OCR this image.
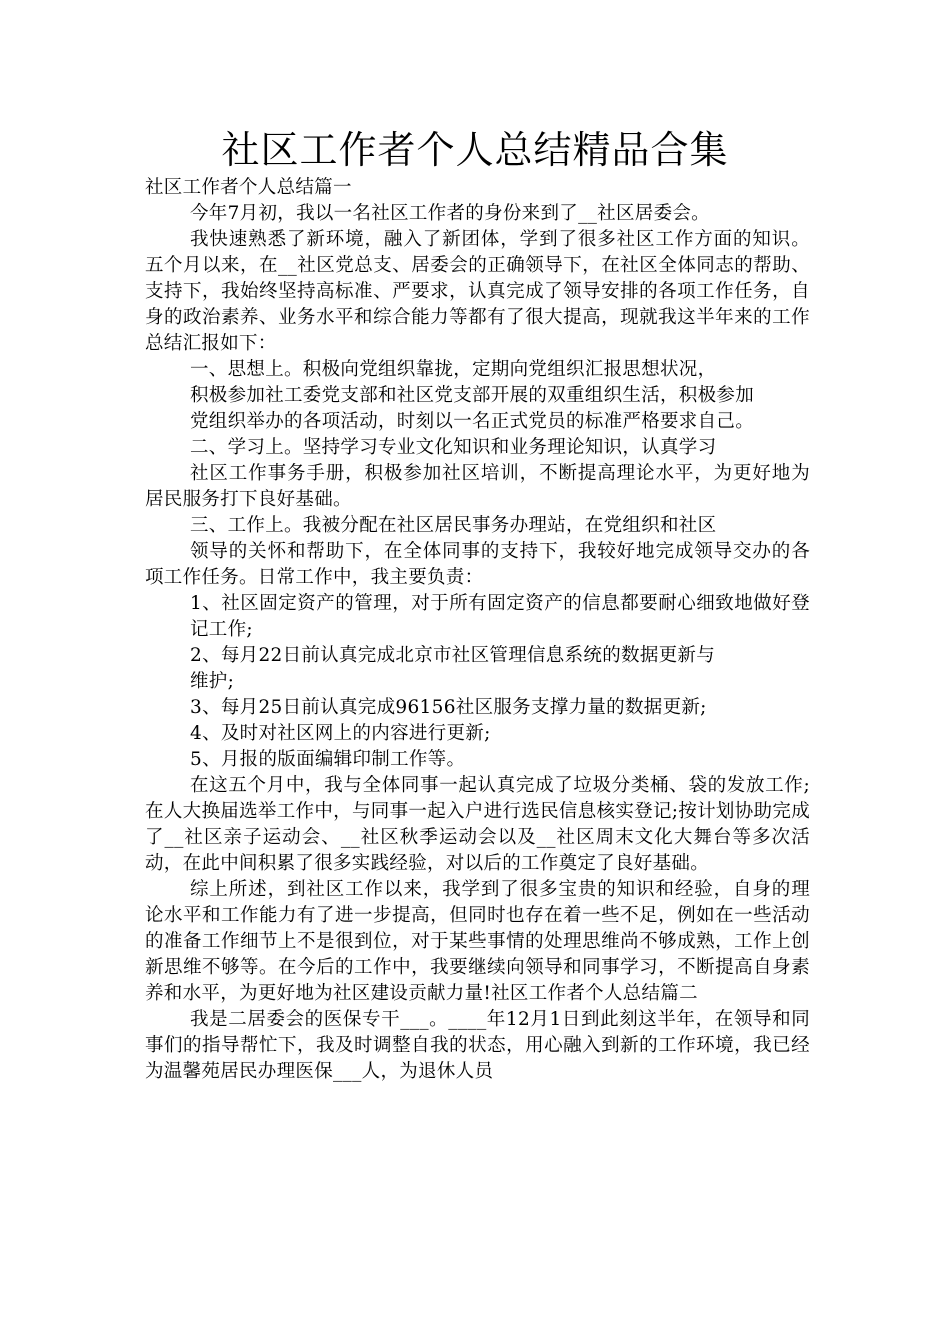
社区工作者个人总结精品合集

社区工作者个人总结篇一

今年7月初，我以一名社区工作者的身份来到了__社区居委会。

我快速熟悉了新环境，融入了新团体，学到了很多社区工作方面的知识。五个月以来，在__社区党总支、居委会的正确领导下，在社区全体同志的帮助、支持下，我始终坚持高标准、严要求，认真完成了领导安排的各项工作任务，自身的政治素养、业务水平和综合能力等都有了很大提高，现就我这半年来的工作总结汇报如下：

一、思想上。积极向党组织靠拢，定期向党组织汇报思想状况，

积极参加社工委党支部和社区党支部开展的双重组织生活，积极参加

党组织举办的各项活动，时刻以一名正式党员的标准严格要求自己。

二、学习上。坚持学习专业文化知识和业务理论知识，认真学习

社区工作事务手册，积极参加社区培训，不断提高理论水平，为更好地为居民服务打下良好基础。

三、工作上。我被分配在社区居民事务办理站，在党组织和社区

领导的关怀和帮助下，在全体同事的支持下，我较好地完成领导交办的各项工作任务。日常工作中，我主要负责：

1、社区固定资产的管理，对于所有固定资产的信息都要耐心细致地做好登记工作;

2、每月22日前认真完成北京市社区管理信息系统的数据更新与

维护;

3、每月25日前认真完成96156社区服务支撑力量的数据更新;

4、及时对社区网上的内容进行更新;

5、月报的版面编辑印制工作等。

在这五个月中，我与全体同事一起认真完成了垃圾分类桶、袋的发放工作;在人大换届选举工作中，与同事一起入户进行选民信息核实登记;按计划协助完成了__社区亲子运动会、__社区秋季运动会以及__社区周末文化大舞台等多次活动，在此中间积累了很多实践经验，对以后的工作奠定了良好基础。

综上所述，到社区工作以来，我学到了很多宝贵的知识和经验，自身的理论水平和工作能力有了进一步提高，但同时也存在着一些不足，例如在一些活动的准备工作细节上不是很到位，对于某些事情的处理思维尚不够成熟，工作上创新思维不够等。在今后的工作中，我要继续向领导和同事学习，不断提高自身素养和水平，为更好地为社区建设贡献力量!社区工作者个人总结篇二

我是二居委会的医保专干___。____年12月1日到此刻这半年，在领导和同事们的指导帮忙下，我及时调整自我的状态，用心融入到新的工作环境，我已经为温馨苑居民办理医保___人，为退休人员
